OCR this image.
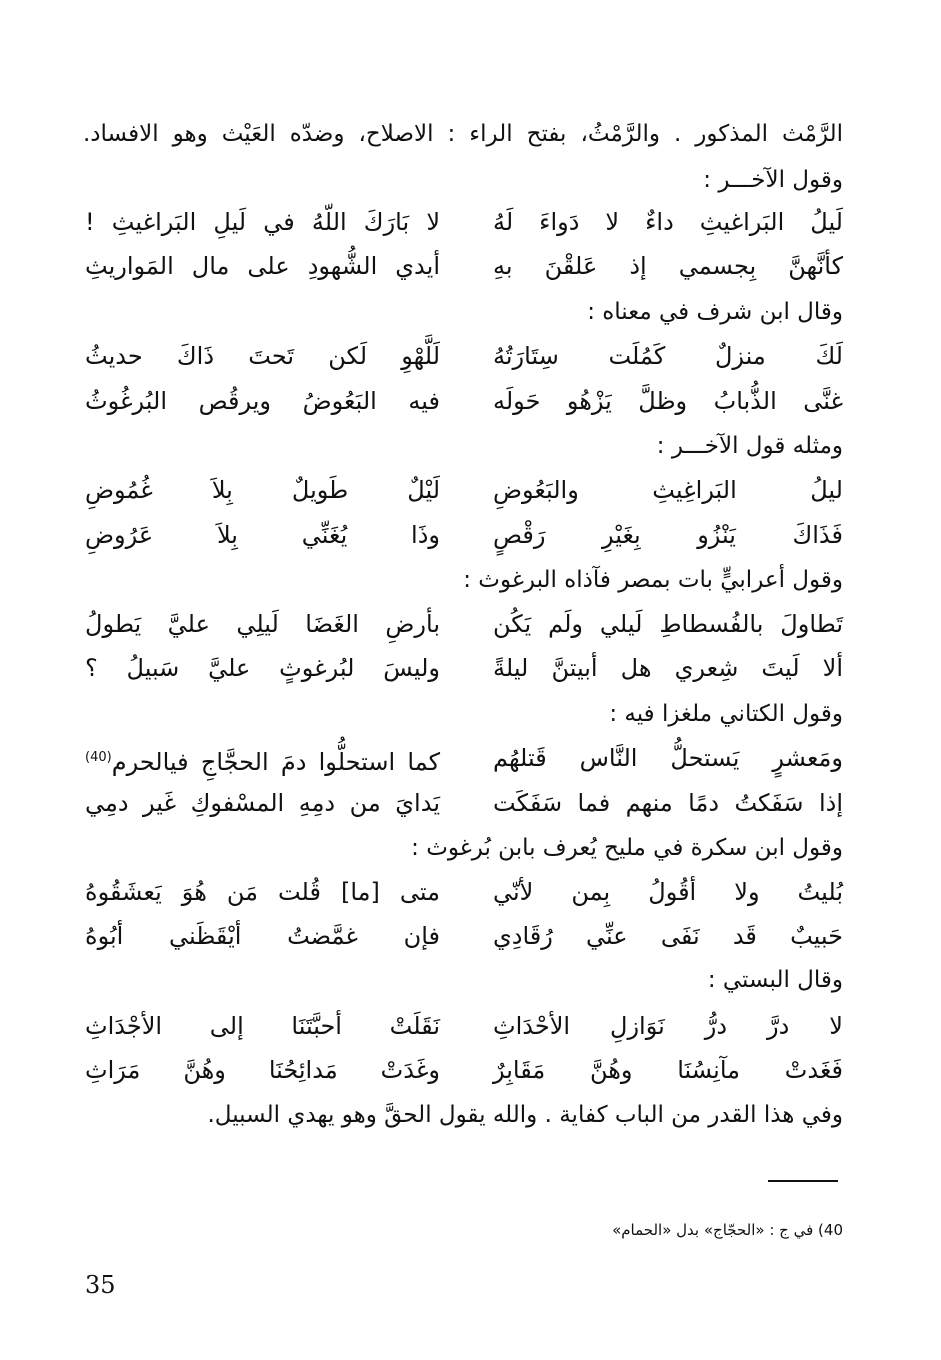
الرَّمْث المذكور . والرَّمْثُ، بفتح الراء : الاصلاح، وضدّه العَيْث وهو الافساد.
وقول الآخـــر :
لَيلُ البَراغيثِ داءٌ لا دَواءَ لَهُ
لا بَارَكَ اللّهُ في لَيلِ البَراغيثِ !
كأنَّهنَّ بِجسمي إذ عَلقْنَ بهِ
أيدي الشُّهودِ على مال المَواريثِ
وقال ابن شرف في معناه :
لَكَ منزلٌ كَمُلَت سِتَارَتُهُ
لَلَّهْوِ لَكن تَحتَ ذَاكَ حديثُ
غنَّى الذُّبابُ وظلَّ يَزْهُو حَولَه
فيه البَعُوضُ ويرقُص البُرغُوثُ
ومثله قول الآخـــر :
ليلُ البَراغِيثِ والبَعُوضِ
لَيْلٌ طَويلٌ بِلاَ غُمُوضِ
فَذَاكَ يَنْزُو بِغَيْرِ رَقْصٍ
وذَا يُغَنِّي بِلاَ عَرُوضِ
وقول أعرابيٍّ بات بمصر فآذاه البرغوث :
تَطاولَ بالفُسطاطِ لَيلي ولَم يَكُن
بأرضِ الغَضَا لَيلِي عليَّ يَطولُ
ألا لَيتَ شِعري هل أبيتنَّ ليلةً
وليسَ لبُرغوثٍ عليَّ سَبيلُ ؟
وقول الكتاني ملغزا فيه :
ومَعشرٍ يَستحلُّ النَّاس قَتلهُم
كما استحلُّوا دمَ الحجَّاجِ فيالحرم$^{(40)}$
إذا سَفَكتُ دمًا منهم فما سَفَكَت
يَدايَ من دمِهِ المسْفوكِ غَير دمِي
وقول ابن سكرة في مليح يُعرف بابن بُرغوث :
بُليتُ ولا أقُولُ بِمن لأنّي
متى [ما] قُلت مَن هُوَ يَعشَقُوهُ
حَبيبٌ قَد نَفَى عنِّي رُقَادِي
فإن غمَّضتُ أيْقَظَني أبُوهُ
وقال البستي :
لا درَّ درُّ نَوَازلِ الأحْدَاثِ
نَقَلَتْ أحبَّتَنَا إلى الأجْدَاثِ
فَغَدتْ مآنِسُنَا وهُنَّ مَقَابِرٌ
وغَدَتْ مَدائِحُنَا وهُنَّ مَرَاثِ
وفي هذا القدر من الباب كفاية . والله يقول الحقَّ وهو يهدي السبيل.
40) في ج : «الحجّاج» بدل «الحمام»
35
